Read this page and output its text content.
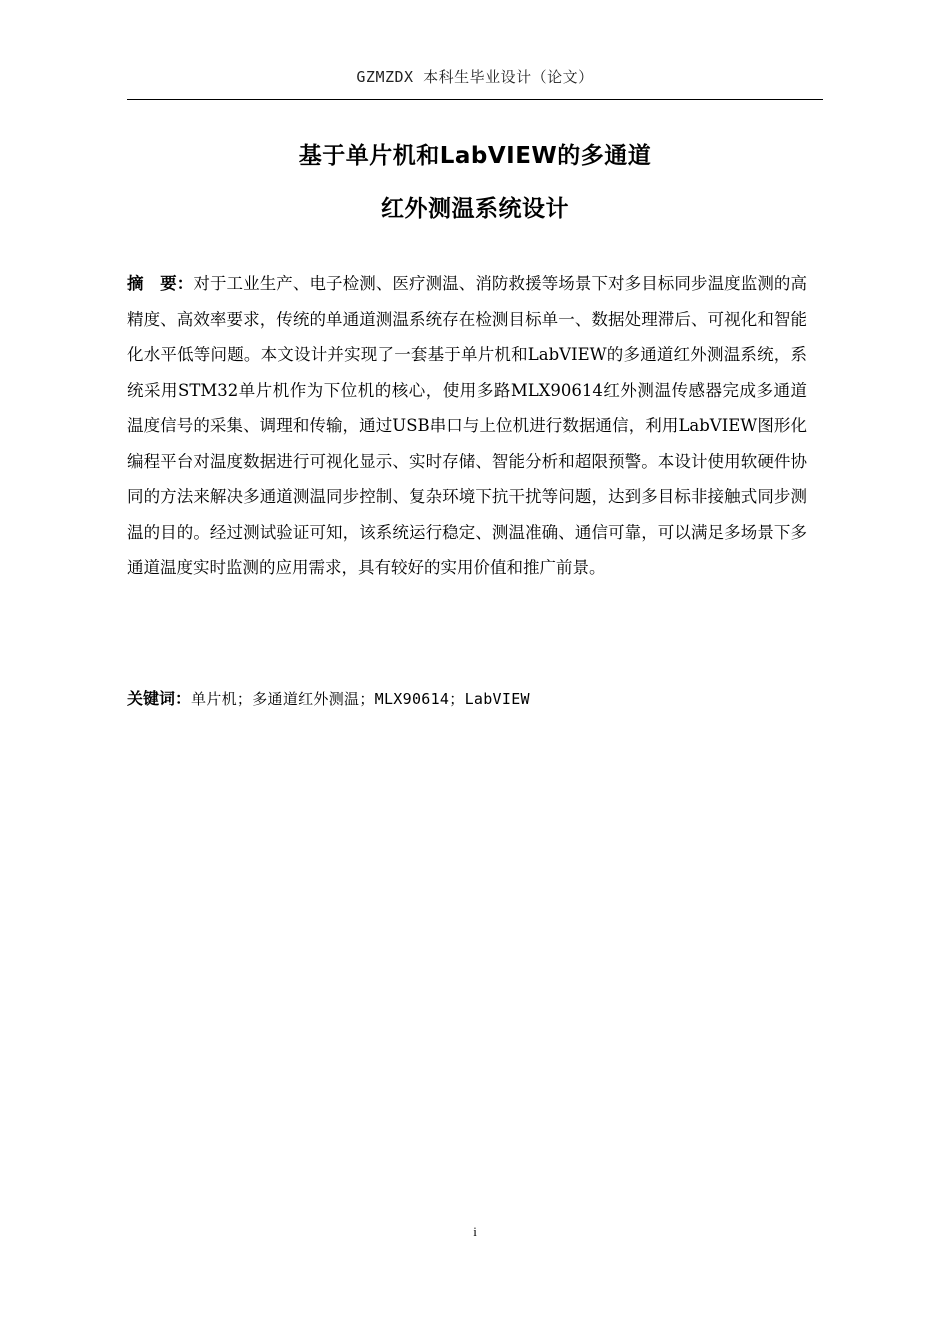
GZMZDX 本科生毕业设计（论文）
基于单片机和LabVIEW的多通道
红外测温系统设计
摘　要：对于工业生产、电子检测、医疗测温、消防救援等场景下对多目标同步温度监测的高精度、高效率要求，传统的单通道测温系统存在检测目标单一、数据处理滞后、可视化和智能化水平低等问题。本文设计并实现了一套基于单片机和LabVIEW的多通道红外测温系统，系统采用STM32单片机作为下位机的核心，使用多路MLX90614红外测温传感器完成多通道温度信号的采集、调理和传输，通过USB串口与上位机进行数据通信，利用LabVIEW图形化编程平台对温度数据进行可视化显示、实时存储、智能分析和超限预警。本设计使用软硬件协同的方法来解决多通道测温同步控制、复杂环境下抗干扰等问题，达到多目标非接触式同步测温的目的。经过测试验证可知，该系统运行稳定、测温准确、通信可靠，可以满足多场景下多通道温度实时监测的应用需求，具有较好的实用价值和推广前景。
关键词：单片机；多通道红外测温；MLX90614；LabVIEW
i
